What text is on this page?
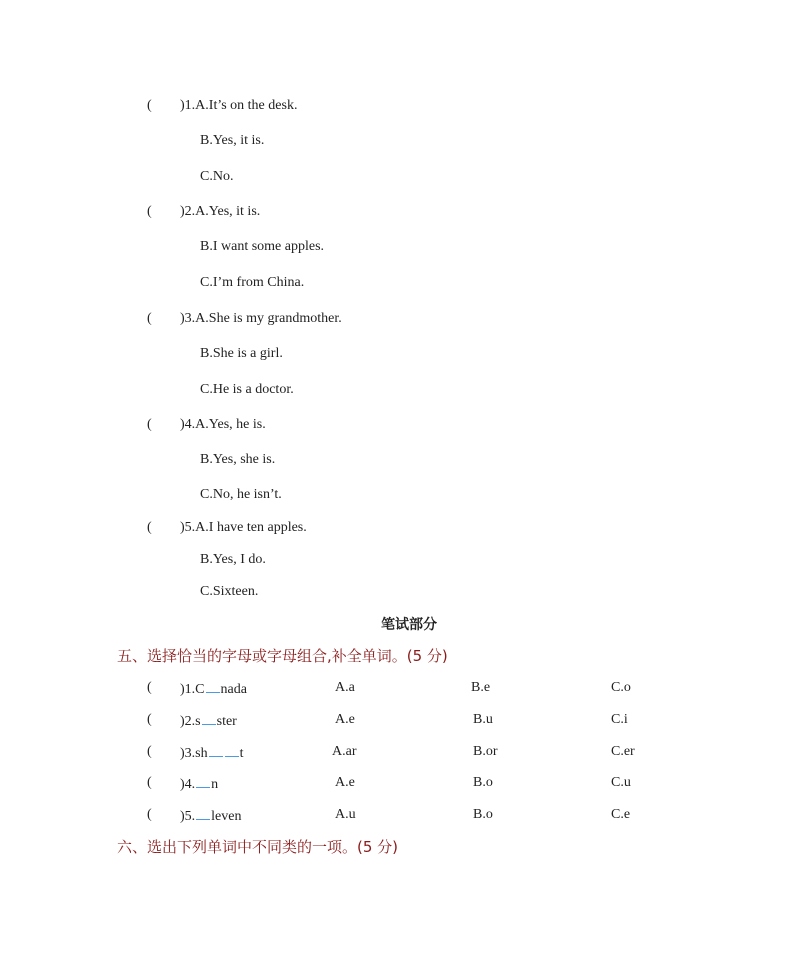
( )1.A.It’s on the desk.
B.Yes, it is.
C.No.
( )2.A.Yes, it is.
B.I want some apples.
C.I’m from China.
( )3.A.She is my grandmother.
B.She is a girl.
C.He is a doctor.
( )4.A.Yes, he is.
B.Yes, she is.
C.No, he isn’t.
( )5.A.I have ten apples.
B.Yes, I do.
C.Sixteen.
笔试部分
五、选择恰当的字母或字母组合,补全单词。(5 分)
( )1.C nada	A.a	B.e	C.o
( )2.s ster	A.e	B.u	C.i
( )3.sh t	A.ar	B.or	C.er
( )4. n	A.e	B.o	C.u
( )5. leven	A.u	B.o	C.e
六、选出下列单词中不同类的一项。(5 分)
